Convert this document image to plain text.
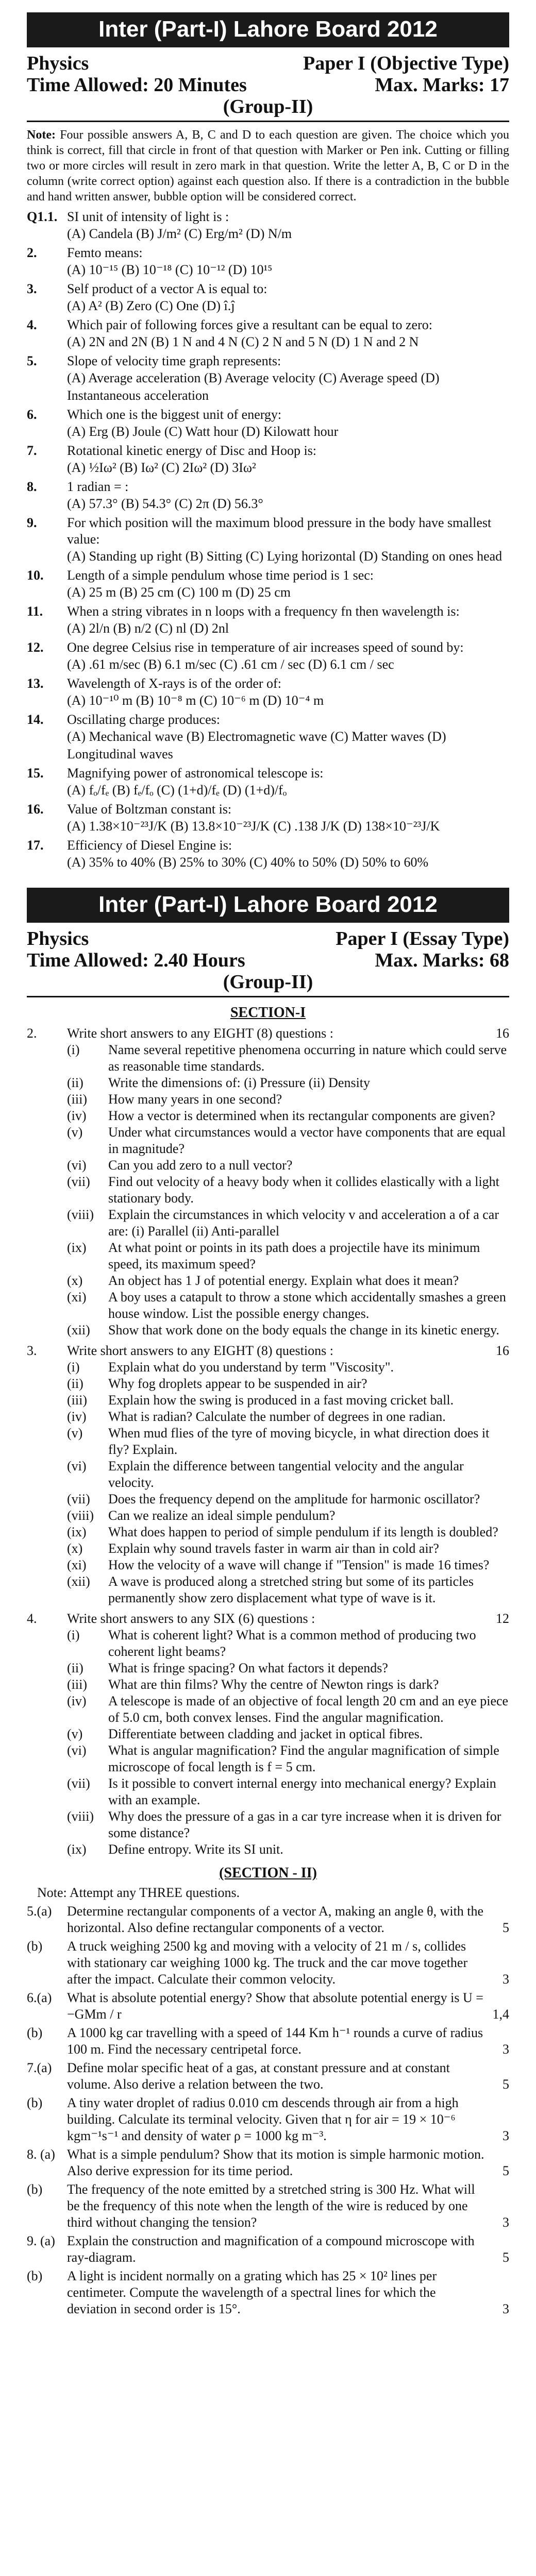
Inter (Part-I) Lahore Board 2012
Physics	Paper I (Objective Type)
Time Allowed: 20 Minutes	Max. Marks: 17
(Group-II)
Note: Four possible answers A, B, C and D to each question are given. The choice which you think is correct, fill that circle in front of that question with Marker or Pen ink. Cutting or filling two or more circles will result in zero mark in that question. Write the letter A, B, C or D in the column (write correct option) against each question also. If there is a contradiction in the bubble and hand written answer, bubble option will be considered correct.
Q1.1. SI unit of intensity of light is :
(A) Candela (B) J/m² (C) Erg/m² (D) N/m
2.	Femto means:
(A) 10⁻¹⁵ (B) 10⁻¹⁸ (C) 10⁻¹² (D) 10¹⁵
3.	Self product of a vector A is equal to:
(A) A² (B) Zero (C) One (D) î.ĵ
4.	Which pair of following forces give a resultant can be equal to zero:
(A) 2N and 2N (B) 1 N and 4 N (C) 2 N and 5 N (D) 1 N and 2 N
5.	Slope of velocity time graph represents:
(A) Average acceleration (B) Average velocity (C) Average speed (D) Instantaneous acceleration
6.	Which one is the biggest unit of energy:
(A) Erg (B) Joule (C) Watt hour (D) Kilowatt hour
7.	Rotational kinetic energy of Disc and Hoop is:
(A) ½Iω² (B) Iω² (C) 2Iω² (D) 3Iω²
8.	1 radian = :
(A) 57.3° (B) 54.3° (C) 2π (D) 56.3°
9.	For which position will the maximum blood pressure in the body have smallest value:
(A) Standing up right (B) Sitting (C) Lying horizontal (D) Standing on ones head
10.	Length of a simple pendulum whose time period is 1 sec:
(A) 25 m (B) 25 cm (C) 100 m (D) 25 cm
11.	When a string vibrates in n loops with a frequency fn then wavelength is:
(A) 2l/n (B) n/2 (C) nl (D) 2nl
12.	One degree Celsius rise in temperature of air increases speed of sound by:
(A) .61 m/sec (B) 6.1 m/sec (C) .61 cm / sec (D) 6.1 cm / sec
13.	Wavelength of X-rays is of the order of:
(A) 10⁻¹⁰ m (B) 10⁻⁸ m (C) 10⁻⁶ m (D) 10⁻⁴ m
14.	Oscillating charge produces:
(A) Mechanical wave (B) Electromagnetic wave (C) Matter waves (D) Longitudinal waves
15.	Magnifying power of astronomical telescope is:
(A) fₒ/fₑ (B) fₑ/fₒ (C) (1+d)/fₑ (D) (1+d)/fₒ
16.	Value of Boltzman constant is:
(A) 1.38×10⁻²³J/K (B) 13.8×10⁻²³J/K (C) .138 J/K (D) 138×10⁻²³J/K
17.	Efficiency of Diesel Engine is:
(A) 35% to 40% (B) 25% to 30% (C) 40% to 50% (D) 50% to 60%
Inter (Part-I) Lahore Board 2012
Physics	Paper I (Essay Type)
Time Allowed: 2.40 Hours	Max. Marks: 68
(Group-II)
SECTION-I
2.	Write short answers to any EIGHT (8) questions :	16
(i)	Name several repetitive phenomena occurring in nature which could serve as reasonable time standards.
(ii)	Write the dimensions of: (i) Pressure (ii) Density
(iii)	How many years in one second?
(iv)	How a vector is determined when its rectangular components are given?
(v)	Under what circumstances would a vector have components that are equal in magnitude?
(vi)	Can you add zero to a null vector?
(vii)	Find out velocity of a heavy body when it collides elastically with a light stationary body.
(viii)	Explain the circumstances in which velocity v and acceleration a of a car are: (i) Parallel (ii) Anti-parallel
(ix)	At what point or points in its path does a projectile have its minimum speed, its maximum speed?
(x)	An object has 1 J of potential energy. Explain what does it mean?
(xi)	A boy uses a catapult to throw a stone which accidentally smashes a green house window. List the possible energy changes.
(xii)	Show that work done on the body equals the change in its kinetic energy.
3.	Write short answers to any EIGHT (8) questions :	16
(i)	Explain what do you understand by term "Viscosity".
(ii)	Why fog droplets appear to be suspended in air?
(iii)	Explain how the swing is produced in a fast moving cricket ball.
(iv)	What is radian? Calculate the number of degrees in one radian.
(v)	When mud flies of the tyre of moving bicycle, in what direction does it fly? Explain.
(vi)	Explain the difference between tangential velocity and the angular velocity.
(vii)	Does the frequency depend on the amplitude for harmonic oscillator?
(viii)	Can we realize an ideal simple pendulum?
(ix)	What does happen to period of simple pendulum if its length is doubled?
(x)	Explain why sound travels faster in warm air than in cold air?
(xi)	How the velocity of a wave will change if "Tension" is made 16 times?
(xii)	A wave is produced along a stretched string but some of its particles permanently show zero displacement what type of wave is it.
4.	Write short answers to any SIX (6) questions :	12
(i)	What is coherent light? What is a common method of producing two coherent light beams?
(ii)	What is fringe spacing? On what factors it depends?
(iii)	What are thin films? Why the centre of Newton rings is dark?
(iv)	A telescope is made of an objective of focal length 20 cm and an eye piece of 5.0 cm, both convex lenses. Find the angular magnification.
(v)	Differentiate between cladding and jacket in optical fibres.
(vi)	What is angular magnification? Find the angular magnification of simple microscope of focal length is f = 5 cm.
(vii)	Is it possible to convert internal energy into mechanical energy? Explain with an example.
(viii)	Why does the pressure of a gas in a car tyre increase when it is driven for some distance?
(ix)	Define entropy. Write its SI unit.
(SECTION - II)
Note: Attempt any THREE questions.
5.(a)	Determine rectangular components of a vector A, making an angle θ, with the horizontal. Also define rectangular components of a vector.	5
(b)	A truck weighing 2500 kg and moving with a velocity of 21 m / s, collides with stationary car weighing 1000 kg. The truck and the car move together after the impact. Calculate their common velocity.	3
6.(a)	What is absolute potential energy? Show that absolute potential energy is U = −GMm / r	1,4
(b)	A 1000 kg car travelling with a speed of 144 Km h⁻¹ rounds a curve of radius 100 m. Find the necessary centripetal force.	3
7.(a)	Define molar specific heat of a gas, at constant pressure and at constant volume. Also derive a relation between the two.	5
(b)	A tiny water droplet of radius 0.010 cm descends through air from a high building. Calculate its terminal velocity. Given that η for air = 19 × 10⁻⁶ kgm⁻¹s⁻¹ and density of water ρ = 1000 kg m⁻³.	3
8. (a) What is a simple pendulum? Show that its motion is simple harmonic motion. Also derive expression for its time period.	5
(b)	The frequency of the note emitted by a stretched string is 300 Hz. What will be the frequency of this note when the length of the wire is reduced by one third without changing the tension?	3
9. (a) Explain the construction and magnification of a compound microscope with ray-diagram.	5
(b)	A light is incident normally on a grating which has 25 × 10² lines per centimeter. Compute the wavelength of a spectral lines for which the deviation in second order is 15°.	3
